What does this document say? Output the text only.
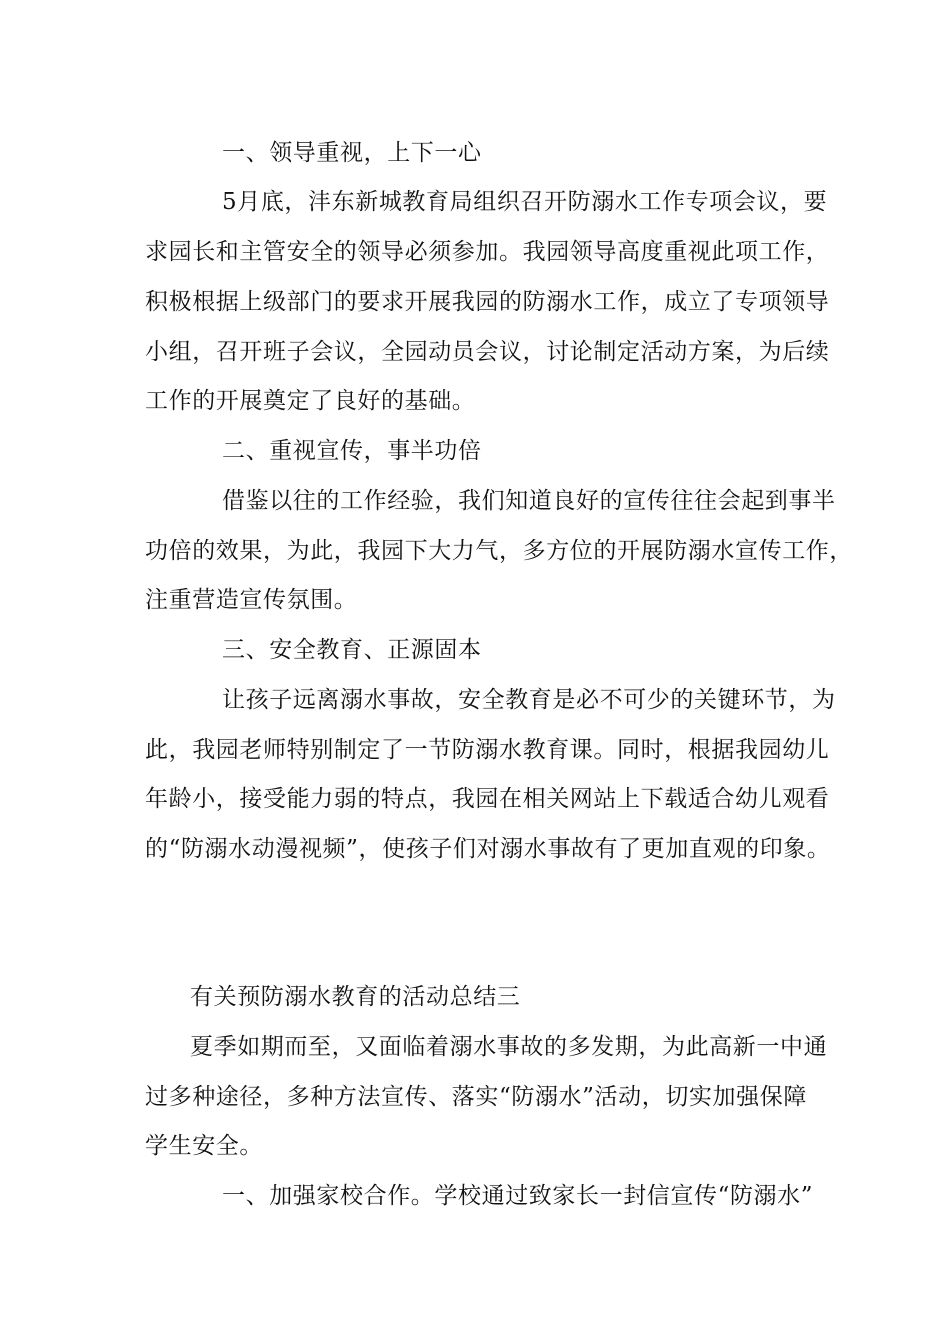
一、领导重视，上下一心
5月底，沣东新城教育局组织召开防溺水工作专项会议，要
求园长和主管安全的领导必须参加。我园领导高度重视此项工作，
积极根据上级部门的要求开展我园的防溺水工作，成立了专项领导
小组，召开班子会议，全园动员会议，讨论制定活动方案，为后续
工作的开展奠定了良好的基础。
二、重视宣传，事半功倍
借鉴以往的工作经验，我们知道良好的宣传往往会起到事半
功倍的效果，为此，我园下大力气，多方位的开展防溺水宣传工作，
注重营造宣传氛围。
三、安全教育、正源固本
让孩子远离溺水事故，安全教育是必不可少的关键环节，为
此，我园老师特别制定了一节防溺水教育课。同时，根据我园幼儿
年龄小，接受能力弱的特点，我园在相关网站上下载适合幼儿观看
的“防溺水动漫视频”，使孩子们对溺水事故有了更加直观的印象。
有关预防溺水教育的活动总结三
夏季如期而至，又面临着溺水事故的多发期，为此高新一中通
过多种途径，多种方法宣传、落实“防溺水”活动，切实加强保障
学生安全。
一、加强家校合作。学校通过致家长一封信宣传“防溺水”
